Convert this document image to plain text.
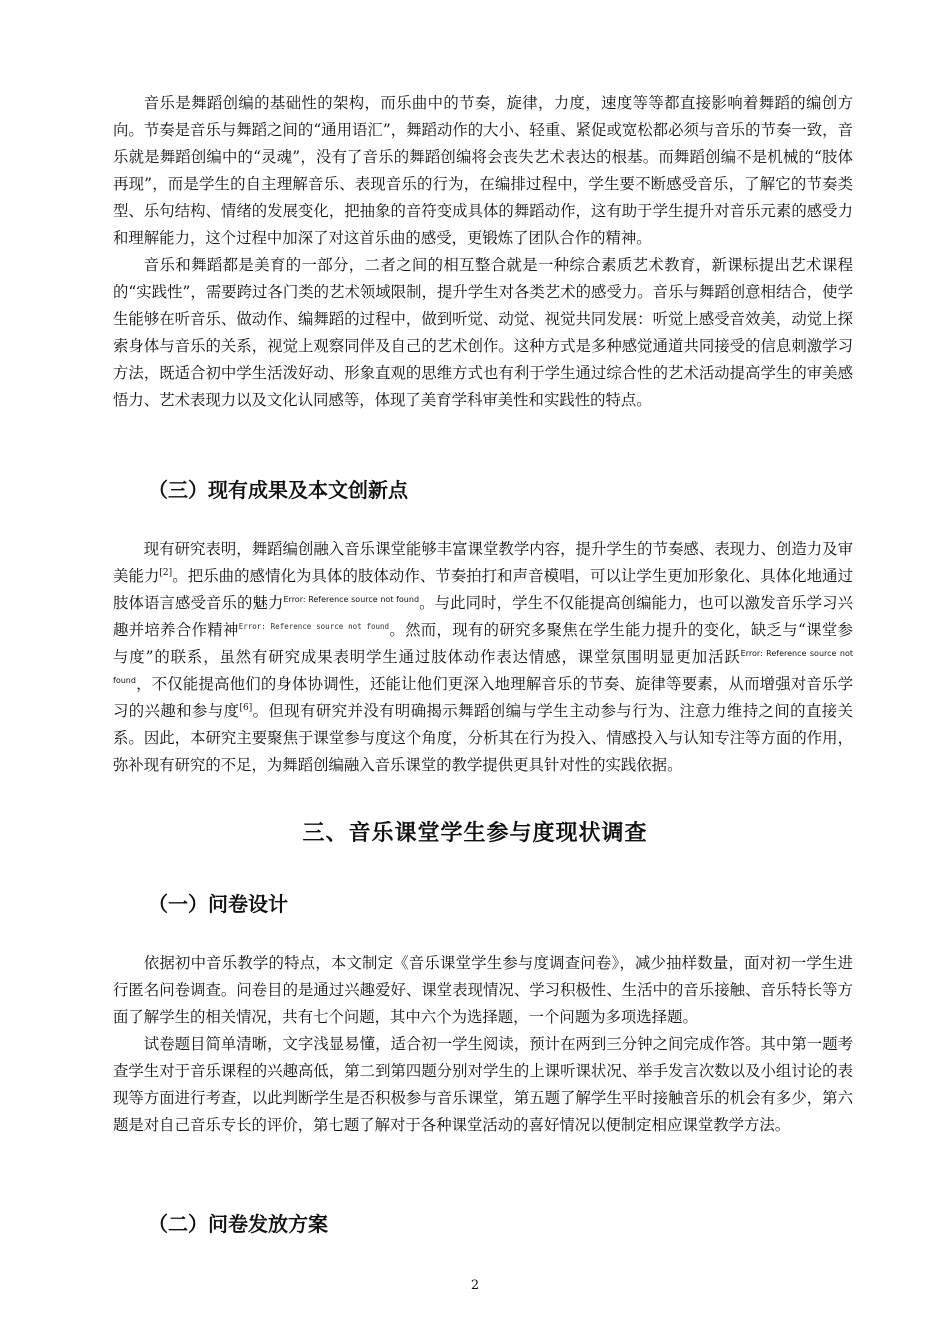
音乐是舞蹈创编的基础性的架构，而乐曲中的节奏，旋律，力度，速度等等都直接影响着舞蹈的编创方向。节奏是音乐与舞蹈之间的“通用语汇”，舞蹈动作的大小、轻重、紧促或宽松都必须与音乐的节奏一致，音乐就是舞蹈创编中的“灵魂”，没有了音乐的舞蹈创编将会丧失艺术表达的根基。而舞蹈创编不是机械的“肢体再现”，而是学生的自主理解音乐、表现音乐的行为，在编排过程中，学生要不断感受音乐，了解它的节奏类型、乐句结构、情绪的发展变化，把抽象的音符变成具体的舞蹈动作，这有助于学生提升对音乐元素的感受力和理解能力，这个过程中加深了对这首乐曲的感受，更锻炼了团队合作的精神。

音乐和舞蹈都是美育的一部分，二者之间的相互整合就是一种综合素质艺术教育，新课标提出艺术课程的“实践性”，需要跨过各门类的艺术领域限制，提升学生对各类艺术的感受力。音乐与舞蹈创意相结合，使学生能够在听音乐、做动作、编舞蹈的过程中，做到听觉、动觉、视觉共同发展：听觉上感受音效美，动觉上探索身体与音乐的关系，视觉上观察同伴及自己的艺术创作。这种方式是多种感觉通道共同接受的信息刺激学习方法，既适合初中学生活泼好动、形象直观的思维方式也有利于学生通过综合性的艺术活动提高学生的审美感悟力、艺术表现力以及文化认同感等，体现了美育学科审美性和实践性的特点。

（三）现有成果及本文创新点

现有研究表明，舞蹈编创融入音乐课堂能够丰富课堂教学内容，提升学生的节奏感、表现力、创造力及审美能力[2]。把乐曲的感情化为具体的肢体动作、节奏拍打和声音模唱，可以让学生更加形象化、具体化地通过肢体语言感受音乐的魅力$^{Error: Reference source not found}$。与此同时，学生不仅能提高创编能力，也可以激发音乐学习兴趣并培养合作精神$^{Error: Reference source not found}$。然而，现有的研究多聚焦在学生能力提升的变化，缺乏与“课堂参与度”的联系，虽然有研究成果表明学生通过肢体动作表达情感，课堂氛围明显更加活跃$^{Error: Reference source not found}$，不仅能提高他们的身体协调性，还能让他们更深入地理解音乐的节奏、旋律等要素，从而增强对音乐学习的兴趣和参与度[6]。但现有研究并没有明确揭示舞蹈创编与学生主动参与行为、注意力维持之间的直接关系。因此，本研究主要聚焦于课堂参与度这个角度，分析其在行为投入、情感投入与认知专注等方面的作用，弥补现有研究的不足，为舞蹈创编融入音乐课堂的教学提供更具针对性的实践依据。

三、音乐课堂学生参与度现状调查
（一）问卷设计

依据初中音乐教学的特点，本文制定《音乐课堂学生参与度调查问卷》，减少抽样数量，面对初一学生进行匿名问卷调查。问卷目的是通过兴趣爱好、课堂表现情况、学习积极性、生活中的音乐接触、音乐特长等方面了解学生的相关情况，共有七个问题，其中六个为选择题，一个问题为多项选择题。

试卷题目简单清晰，文字浅显易懂，适合初一学生阅读，预计在两到三分钟之间完成作答。其中第一题考查学生对于音乐课程的兴趣高低，第二到第四题分别对学生的上课听课状况、举手发言次数以及小组讨论的表现等方面进行考查，以此判断学生是否积极参与音乐课堂，第五题了解学生平时接触音乐的机会有多少，第六题是对自己音乐专长的评价，第七题了解对于各种课堂活动的喜好情况以便制定相应课堂教学方法。

（二）问卷发放方案
2
